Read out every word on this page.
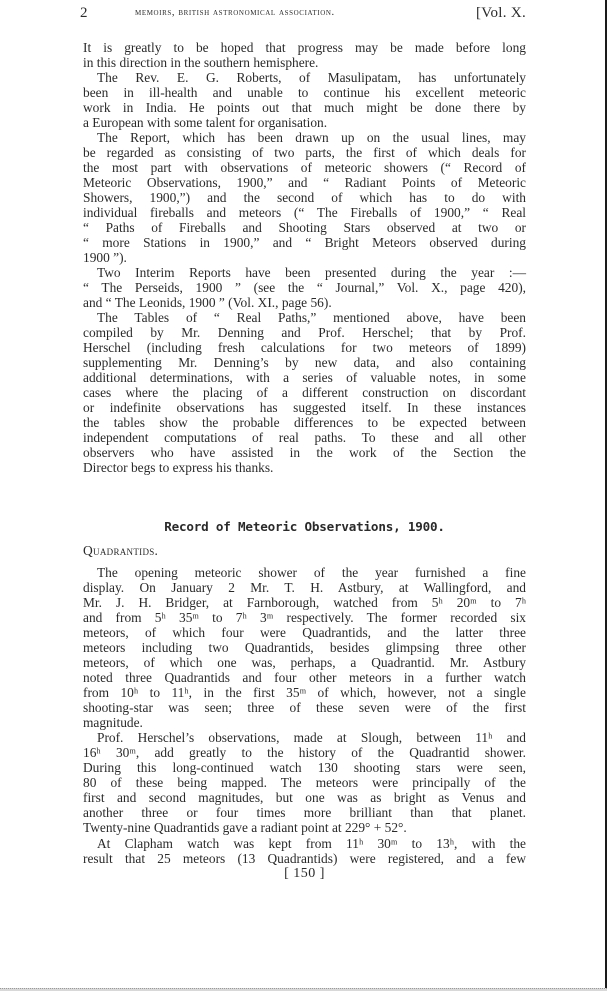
2	memoirs, british astronomical association.	[Vol. X.
It is greatly to be hoped that progress may be made before long
in this direction in the southern hemisphere.
The Rev. E. G. Roberts, of Masulipatam, has unfortunately
been in ill-health and unable to continue his excellent meteoric
work in India. He points out that much might be done there by
a European with some talent for organisation.
The Report, which has been drawn up on the usual lines, may
be regarded as consisting of two parts, the first of which deals for
the most part with observations of meteoric showers (“ Record of
Meteoric Observations, 1900,” and “ Radiant Points of Meteoric
Showers, 1900,”) and the second of which has to do with
individual fireballs and meteors (“ The Fireballs of 1900,” “ Real
“ Paths of Fireballs and Shooting Stars observed at two or
“ more Stations in 1900,” and “ Bright Meteors observed during
1900 ”).
Two Interim Reports have been presented during the year :—
“ The Perseids, 1900 ” (see the “ Journal,” Vol. X., page 420),
and “ The Leonids, 1900 ” (Vol. XI., page 56).
The Tables of “ Real Paths,” mentioned above, have been
compiled by Mr. Denning and Prof. Herschel; that by Prof.
Herschel (including fresh calculations for two meteors of 1899)
supplementing Mr. Denning’s by new data, and also containing
additional determinations, with a series of valuable notes, in some
cases where the placing of a different construction on discordant
or indefinite observations has suggested itself. In these instances
the tables show the probable differences to be expected between
independent computations of real paths. To these and all other
observers who have assisted in the work of the Section the
Director begs to express his thanks.
Record of Meteoric Observations, 1900.
Quadrantids.
The opening meteoric shower of the year furnished a fine
display. On January 2 Mr. T. H. Astbury, at Wallingford, and
Mr. J. H. Bridger, at Farnborough, watched from 5ʰ 20ᵐ to 7ʰ
and from 5ʰ 35ᵐ to 7ʰ 3ᵐ respectively. The former recorded six
meteors, of which four were Quadrantids, and the latter three
meteors including two Quadrantids, besides glimpsing three other
meteors, of which one was, perhaps, a Quadrantid. Mr. Astbury
noted three Quadrantids and four other meteors in a further watch
from 10ʰ to 11ʰ, in the first 35ᵐ of which, however, not a single
shooting-star was seen; three of these seven were of the first
magnitude.
Prof. Herschel’s observations, made at Slough, between 11ʰ and
16ʰ 30ᵐ, add greatly to the history of the Quadrantid shower.
During this long-continued watch 130 shooting stars were seen,
80 of these being mapped. The meteors were principally of the
first and second magnitudes, but one was as bright as Venus and
another three or four times more brilliant than that planet.
Twenty-nine Quadrantids gave a radiant point at 229° + 52°.
At Clapham watch was kept from 11ʰ 30ᵐ to 13ʰ, with the
result that 25 meteors (13 Quadrantids) were registered, and a few
[ 150 ]
